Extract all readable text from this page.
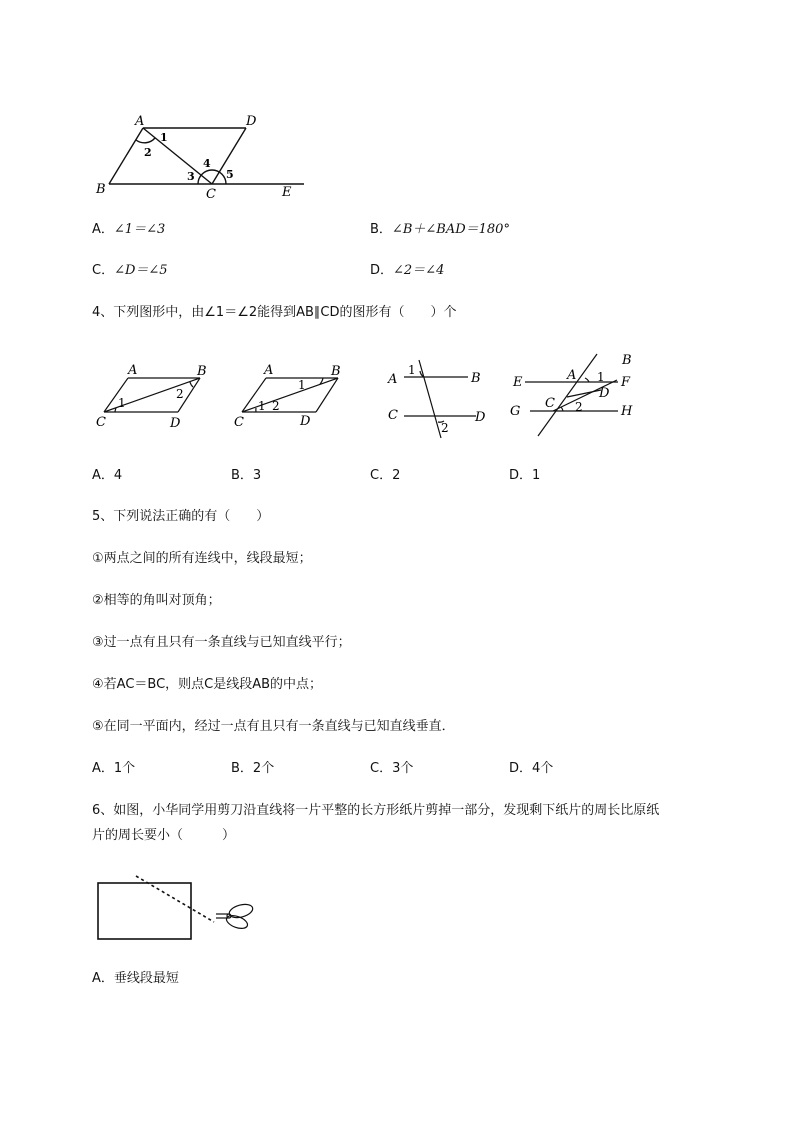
A	D
B	C	E
1
2
3
4
5
A．∠1＝∠3	B．∠B＋∠BAD＝180°
C．∠D＝∠5	D．∠2＝∠4
4、下列图形中，由∠1＝∠2能得到AB∥CD的图形有（　　）个
A	B
C	D
1
2
A	B
C	D
1
1
2
A	B
C	D
1
2
B
A
E	F
D
C
G	H
1
2
A．4	B．3	C．2	D．1
5、下列说法正确的有（　　）
①两点之间的所有连线中，线段最短；
②相等的角叫对顶角；
③过一点有且只有一条直线与已知直线平行；
④若AC＝BC，则点C是线段AB的中点；
⑤在同一平面内，经过一点有且只有一条直线与已知直线垂直．
A．1个	B．2个	C．3个	D．4个
6、如图，小华同学用剪刀沿直线将一片平整的长方形纸片剪掉一部分，发现剩下纸片的周长比原纸
片的周长要小（　　　）
A．垂线段最短
